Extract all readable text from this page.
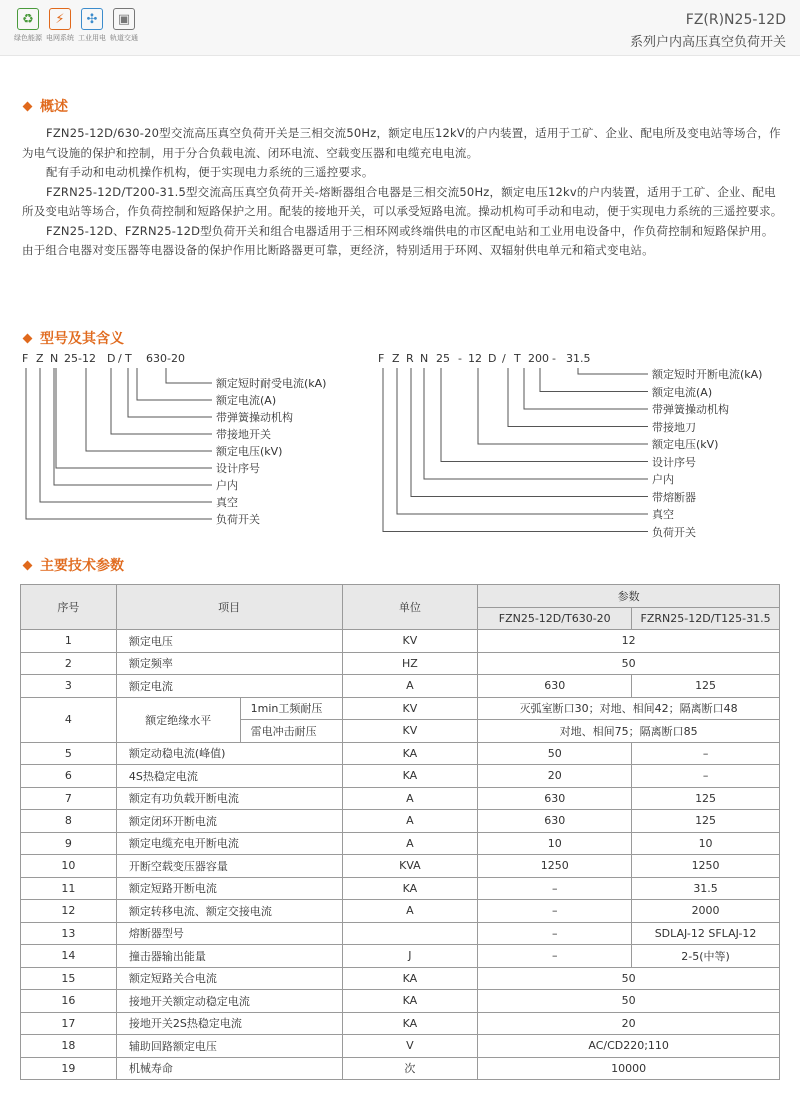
♻
绿色能源
⚡
电网系统
✣
工业用电
▣
轨道交通
FZ(R)N25-12D
系列户内高压真空负荷开关
概述

FZN25-12D/630-20型交流高压真空负荷开关是三相交流50Hz，额定电压12kV的户内装置，适用于工矿、企业、配电所及变电站等场合，作为电气设施的保护和控制，用于分合负载电流、闭环电流、空载变压器和电缆充电电流。

配有手动和电动机操作机构，便于实现电力系统的三遥控要求。

FZRN25-12D/T200-31.5型交流高压真空负荷开关-熔断器组合电器是三相交流50Hz，额定电压12kv的户内装置，适用于工矿、企业、配电所及变电站等场合，作负荷控制和短路保护之用。配装的接地开关，可以承受短路电流。操动机构可手动和电动，便于实现电力系统的三遥控要求。

FZN25-12D、FZRN25-12D型负荷开关和组合电器适用于三相环网或终端供电的市区配电站和工业用电设备中，作负荷控制和短路保护用。由于组合电器对变压器等电器设备的保护作用比断路器更可靠，更经济，特别适用于环网、双辐射供电单元和箱式变电站。

型号及其含义
F Z N 25-12 D / T 630-20
额定短时耐受电流(kA)
额定电流(A)
带弹簧操动机构
带接地开关
额定电压(kV)
设计序号
户内
真空
负荷开关
F Z R N 25 - 12 D / T 200 - 31.5
额定短时开断电流(kA)
额定电流(A)
带弹簧操动机构
带接地刀
额定电压(kV)
设计序号
户内
带熔断器
真空
负荷开关
主要技术参数
序号	项目		单位	参数	
				FZN25-12D/T630-20	FZRN25-12D/T125-31.5
1	额定电压		KV	12	
2	额定频率		HZ	50	
3	额定电流		A	630	125
4	额定绝缘水平	1min工频耐压	KV	灭弧室断口30；对地、相间42；隔离断口48	
		雷电冲击耐压	KV	对地、相间75；隔离断口85	
5	额定动稳电流(峰值)		KA	50	–
6	4S热稳定电流		KA	20	–
7	额定有功负载开断电流		A	630	125
8	额定闭环开断电流		A	630	125
9	额定电缆充电开断电流		A	10	10
10	开断空载变压器容量		KVA	1250	1250
11	额定短路开断电流		KA	–	31.5
12	额定转移电流、额定交接电流		A	–	2000
13	熔断器型号			–	SDLAJ-12 SFLAJ-12
14	撞击器输出能量		J	–	2-5(中等)
15	额定短路关合电流		KA	50	
16	接地开关额定动稳定电流		KA	50	
17	接地开关2S热稳定电流		KA	20	
18	辅助回路额定电压		V	AC/CD220;110	
19	机械寿命		次	10000	
